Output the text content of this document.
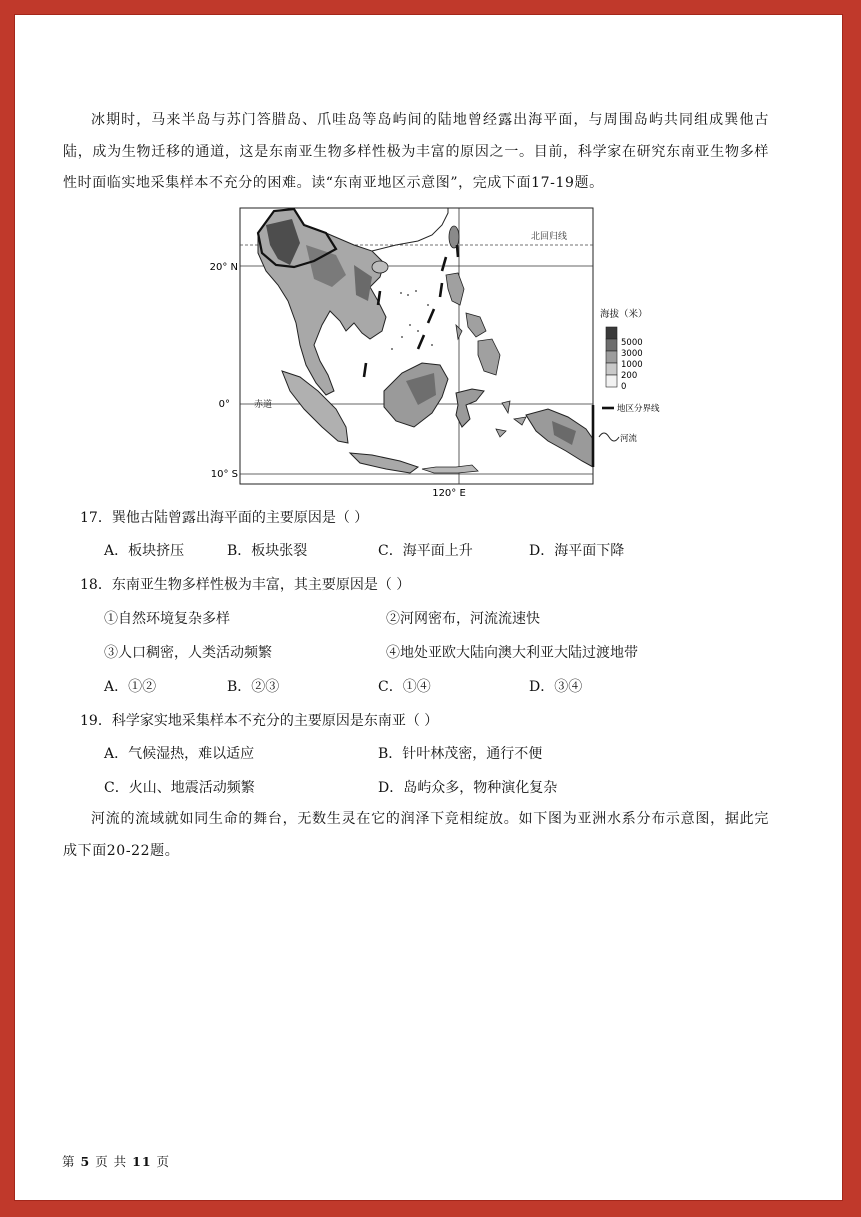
冰期时，马来半岛与苏门答腊岛、爪哇岛等岛屿间的陆地曾经露出海平面，与周围岛屿共同组成巽他古陆，成为生物迁移的通道，这是东南亚生物多样性极为丰富的原因之一。目前，科学家在研究东南亚生物多样性时面临实地采集样本不充分的困难。读“东南亚地区示意图”，完成下面17-19题。
20° N
0°
10° S
120° E
北回归线
赤道
海拔（米）
5000
3000
1000
200
0
地区分界线
河流
17．巽他古陆曾露出海平面的主要原因是（ ）
A．板块挤压	B．板块张裂	C．海平面上升	D．海平面下降
18．东南亚生物多样性极为丰富，其主要原因是（ ）
①自然环境复杂多样	②河网密布，河流流速快
③人口稠密，人类活动频繁	④地处亚欧大陆向澳大利亚大陆过渡地带
A．①②	B．②③	C．①④	D．③④
19．科学家实地采集样本不充分的主要原因是东南亚（ ）
A．气候湿热，难以适应	B．针叶林茂密，通行不便
C．火山、地震活动频繁	D．岛屿众多，物种演化复杂
河流的流域就如同生命的舞台，无数生灵在它的润泽下竞相绽放。如下图为亚洲水系分布示意图，据此完成下面20-22题。
第 5 页 共 11 页
